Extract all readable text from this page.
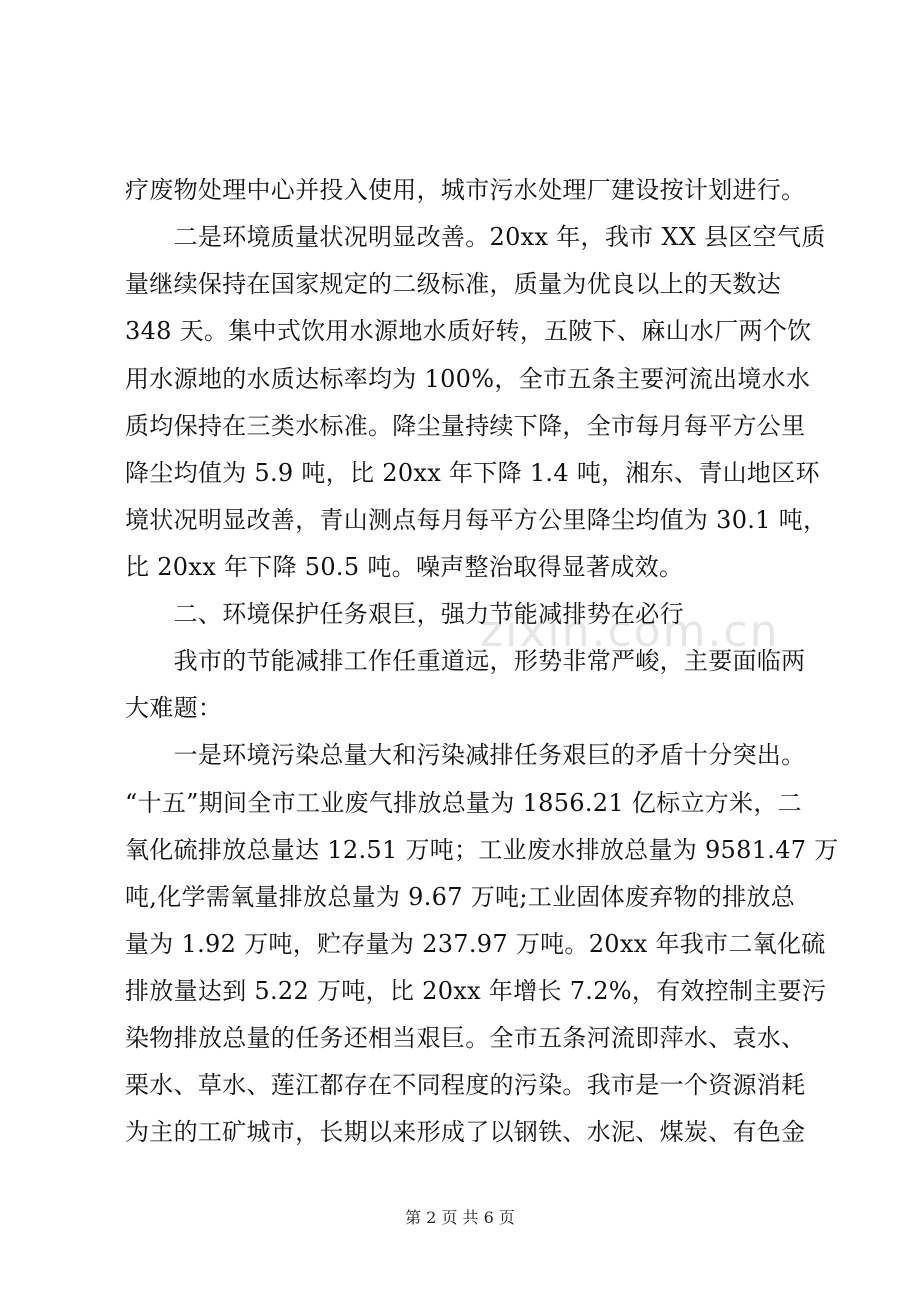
zixin.com.cn
疗废物处理中心并投入使用，城市污水处理厂建设按计划进行。
　　二是环境质量状况明显改善。20xx 年，我市 XX 县区空气质
量继续保持在国家规定的二级标准，质量为优良以上的天数达
348 天。集中式饮用水源地水质好转，五陂下、麻山水厂两个饮
用水源地的水质达标率均为 100%，全市五条主要河流出境水水
质均保持在三类水标准。降尘量持续下降，全市每月每平方公里
降尘均值为 5.9 吨，比 20xx 年下降 1.4 吨，湘东、青山地区环
境状况明显改善，青山测点每月每平方公里降尘均值为 30.1 吨，
比 20xx 年下降 50.5 吨。噪声整治取得显著成效。
　　二、环境保护任务艰巨，强力节能减排势在必行
　　我市的节能减排工作任重道远，形势非常严峻，主要面临两
大难题：
　　一是环境污染总量大和污染减排任务艰巨的矛盾十分突出。
“十五”期间全市工业废气排放总量为 1856.21 亿标立方米，二
氧化硫排放总量达 12.51 万吨；工业废水排放总量为 9581.47 万
吨,化学需氧量排放总量为 9.67 万吨;工业固体废弃物的排放总
量为 1.92 万吨，贮存量为 237.97 万吨。20xx 年我市二氧化硫
排放量达到 5.22 万吨，比 20xx 年增长 7.2%，有效控制主要污
染物排放总量的任务还相当艰巨。全市五条河流即萍水、袁水、
栗水、草水、莲江都存在不同程度的污染。我市是一个资源消耗
为主的工矿城市，长期以来形成了以钢铁、水泥、煤炭、有色金
第 2 页 共 6 页
